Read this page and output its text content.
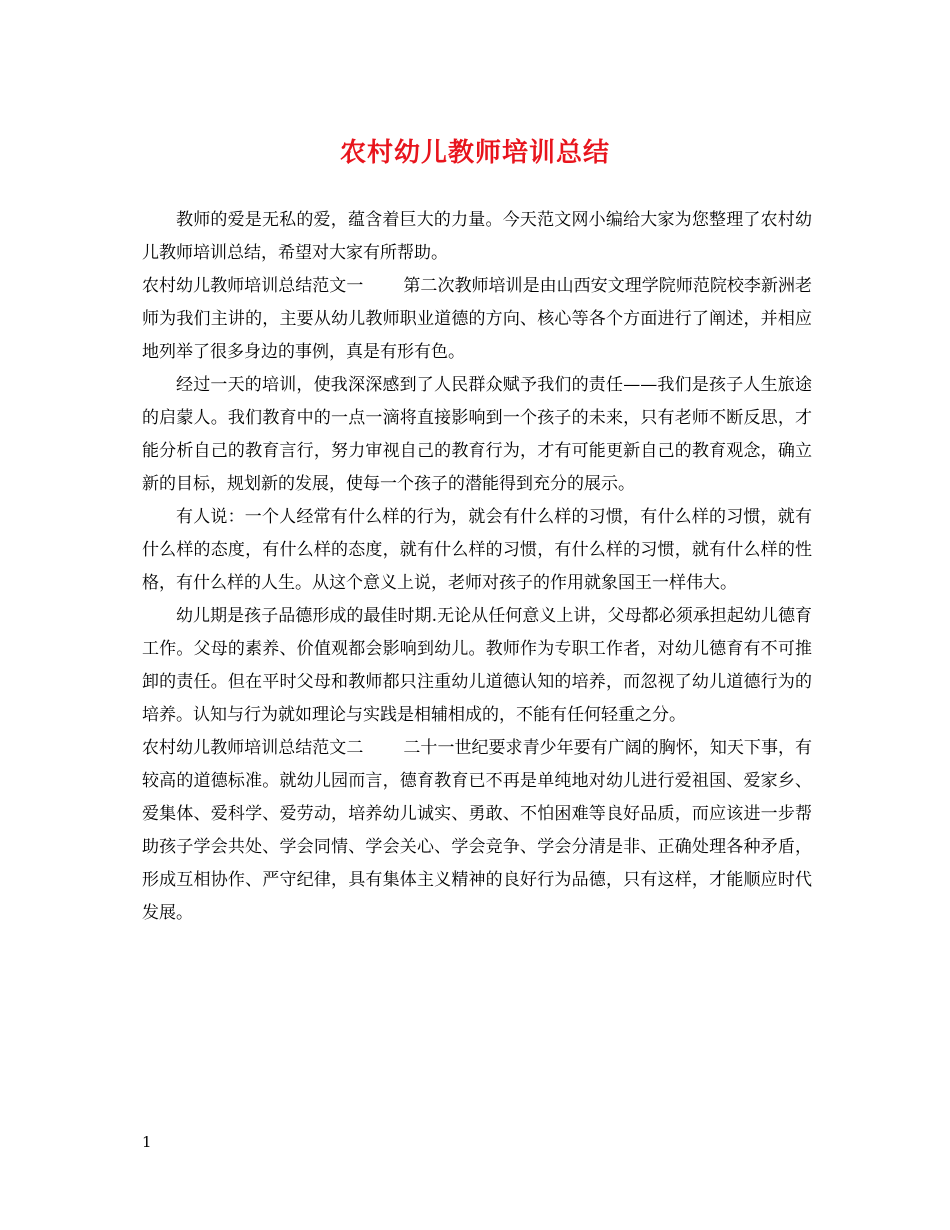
农村幼儿教师培训总结

教师的爱是无私的爱，蕴含着巨大的力量。今天范文网小编给大家为您整理了农村幼儿教师培训总结，希望对大家有所帮助。

农村幼儿教师培训总结范文一 第二次教师培训是由山西安文理学院师范院校李新洲老师为我们主讲的，主要从幼儿教师职业道德的方向、核心等各个方面进行了阐述，并相应地列举了很多身边的事例，真是有形有色。

经过一天的培训，使我深深感到了人民群众赋予我们的责任——我们是孩子人生旅途的启蒙人。我们教育中的一点一滴将直接影响到一个孩子的未来，只有老师不断反思，才能分析自己的教育言行，努力审视自己的教育行为，才有可能更新自己的教育观念，确立新的目标，规划新的发展，使每一个孩子的潜能得到充分的展示。

有人说：一个人经常有什么样的行为，就会有什么样的习惯，有什么样的习惯，就有什么样的态度，有什么样的态度，就有什么样的习惯，有什么样的习惯，就有什么样的性格，有什么样的人生。从这个意义上说，老师对孩子的作用就象国王一样伟大。

幼儿期是孩子品德形成的最佳时期.无论从任何意义上讲，父母都必须承担起幼儿德育工作。父母的素养、价值观都会影响到幼儿。教师作为专职工作者，对幼儿德育有不可推卸的责任。但在平时父母和教师都只注重幼儿道德认知的培养，而忽视了幼儿道德行为的培养。认知与行为就如理论与实践是相辅相成的，不能有任何轻重之分。

农村幼儿教师培训总结范文二 二十一世纪要求青少年要有广阔的胸怀，知天下事，有较高的道德标准。就幼儿园而言，德育教育已不再是单纯地对幼儿进行爱祖国、爱家乡、爱集体、爱科学、爱劳动，培养幼儿诚实、勇敢、不怕困难等良好品质，而应该进一步帮助孩子学会共处、学会同情、学会关心、学会竞争、学会分清是非、正确处理各种矛盾，形成互相协作、严守纪律，具有集体主义精神的良好行为品德，只有这样，才能顺应时代发展。

1
